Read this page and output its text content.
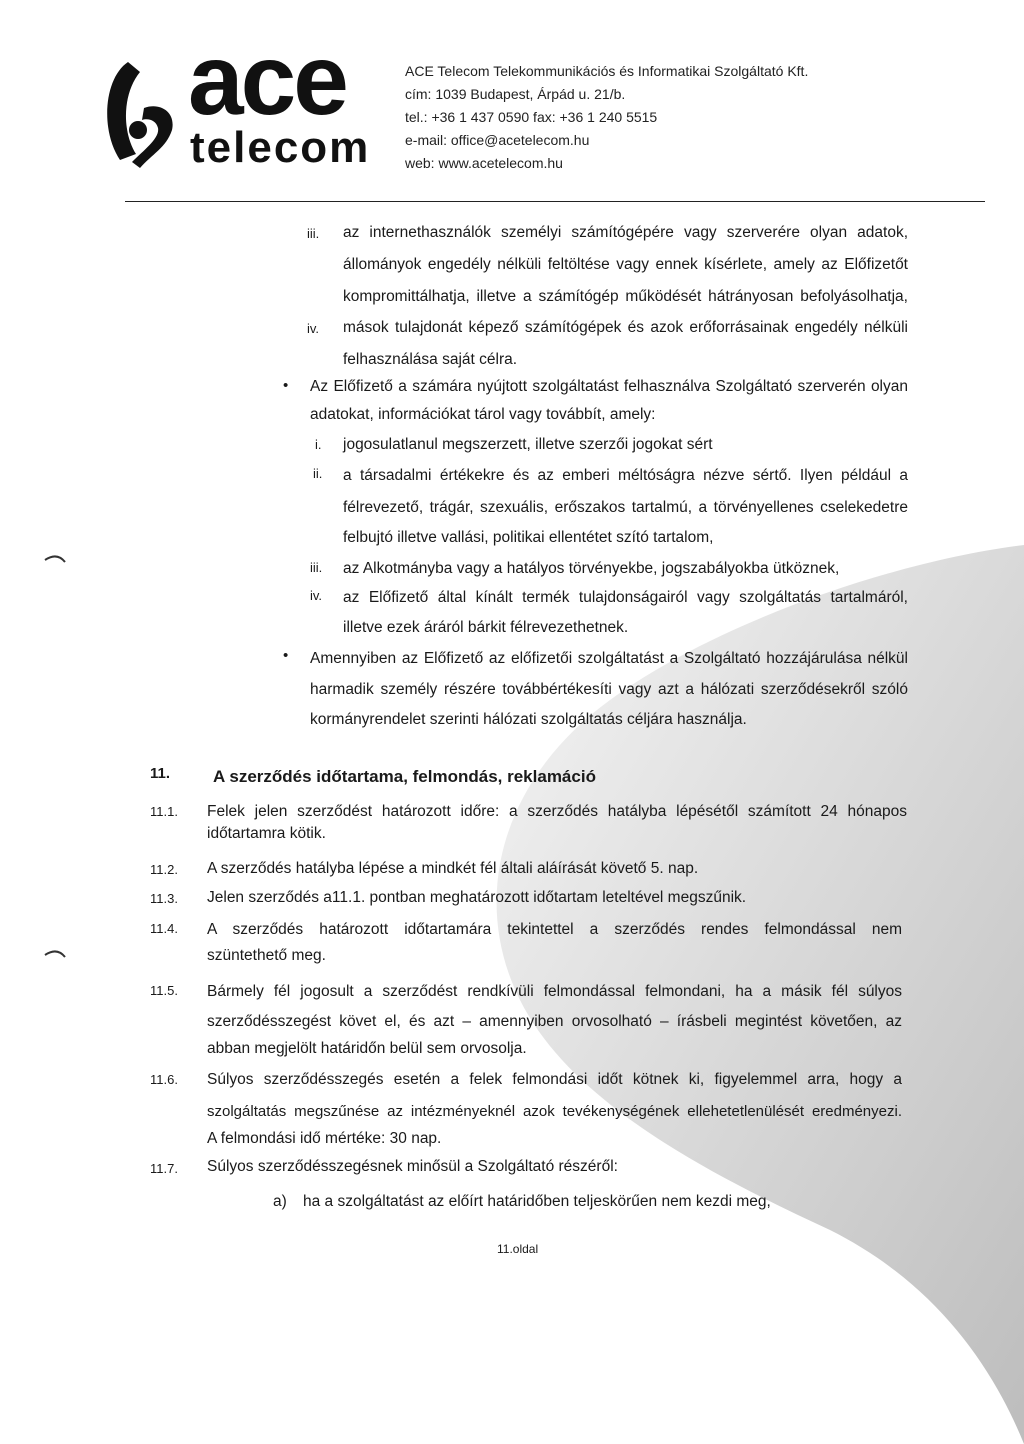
ace
telecom
ACE Telecom Telekommunikációs és Informatikai Szolgáltató Kft.
cím: 1039 Budapest, Árpád u. 21/b.
tel.: +36 1 437 0590 fax: +36 1 240 5515
e-mail: office@acetelecom.hu
web: www.acetelecom.hu
iii. az internethasználók személyi számítógépére vagy szerverére olyan adatok,
állományok engedély nélküli feltöltése vagy ennek kísérlete, amely az Előfizetőt
kompromittálhatja, illetve a számítógép működését hátrányosan befolyásolhatja,
iv. mások tulajdonát képező számítógépek és azok erőforrásainak engedély nélküli
felhasználása saját célra.
• Az Előfizető a számára nyújtott szolgáltatást felhasználva Szolgáltató szerverén olyan
adatokat, információkat tárol vagy továbbít, amely:
i. jogosulatlanul megszerzett, illetve szerzői jogokat sért
ii. a társadalmi értékekre és az emberi méltóságra nézve sértő. Ilyen például a
félrevezető, trágár, szexuális, erőszakos tartalmú, a törvényellenes cselekedetre
felbujtó illetve vallási, politikai ellentétet szító tartalom,
iii. az Alkotmányba vagy a hatályos törvényekbe, jogszabályokba ütköznek,
iv. az Előfizető által kínált termék tulajdonságairól vagy szolgáltatás tartalmáról,
illetve ezek áráról bárkit félrevezethetnek.
• Amennyiben az Előfizető az előfizetői szolgáltatást a Szolgáltató hozzájárulása nélkül
harmadik személy részére továbbértékesíti vagy azt a hálózati szerződésekről szóló
kormányrendelet szerinti hálózati szolgáltatás céljára használja.
11.	A szerződés időtartama, felmondás, reklamáció
11.1. Felek jelen szerződést határozott időre: a szerződés hatályba lépésétől számított 24 hónapos
időtartamra kötik.
11.2. A szerződés hatályba lépése a mindkét fél általi aláírását követő 5. nap.
11.3. Jelen szerződés a11.1. pontban meghatározott időtartam leteltével megszűnik.
11.4. A szerződés határozott időtartamára tekintettel a szerződés rendes felmondással nem
szüntethető meg.
11.5. Bármely fél jogosult a szerződést rendkívüli felmondással felmondani, ha a másik fél súlyos
szerződésszegést követ el, és azt – amennyiben orvosolható – írásbeli megintést követően, az
abban megjelölt határidőn belül sem orvosolja.
11.6. Súlyos szerződésszegés esetén a felek felmondási időt kötnek ki, figyelemmel arra, hogy a
szolgáltatás megszűnése az intézményeknél azok tevékenységének ellehetetlenülését eredményezi.
A felmondási idő mértéke: 30 nap.
11.7. Súlyos szerződésszegésnek minősül a Szolgáltató részéről:
a) ha a szolgáltatást az előírt határidőben teljeskörűen nem kezdi meg,
11.oldal
